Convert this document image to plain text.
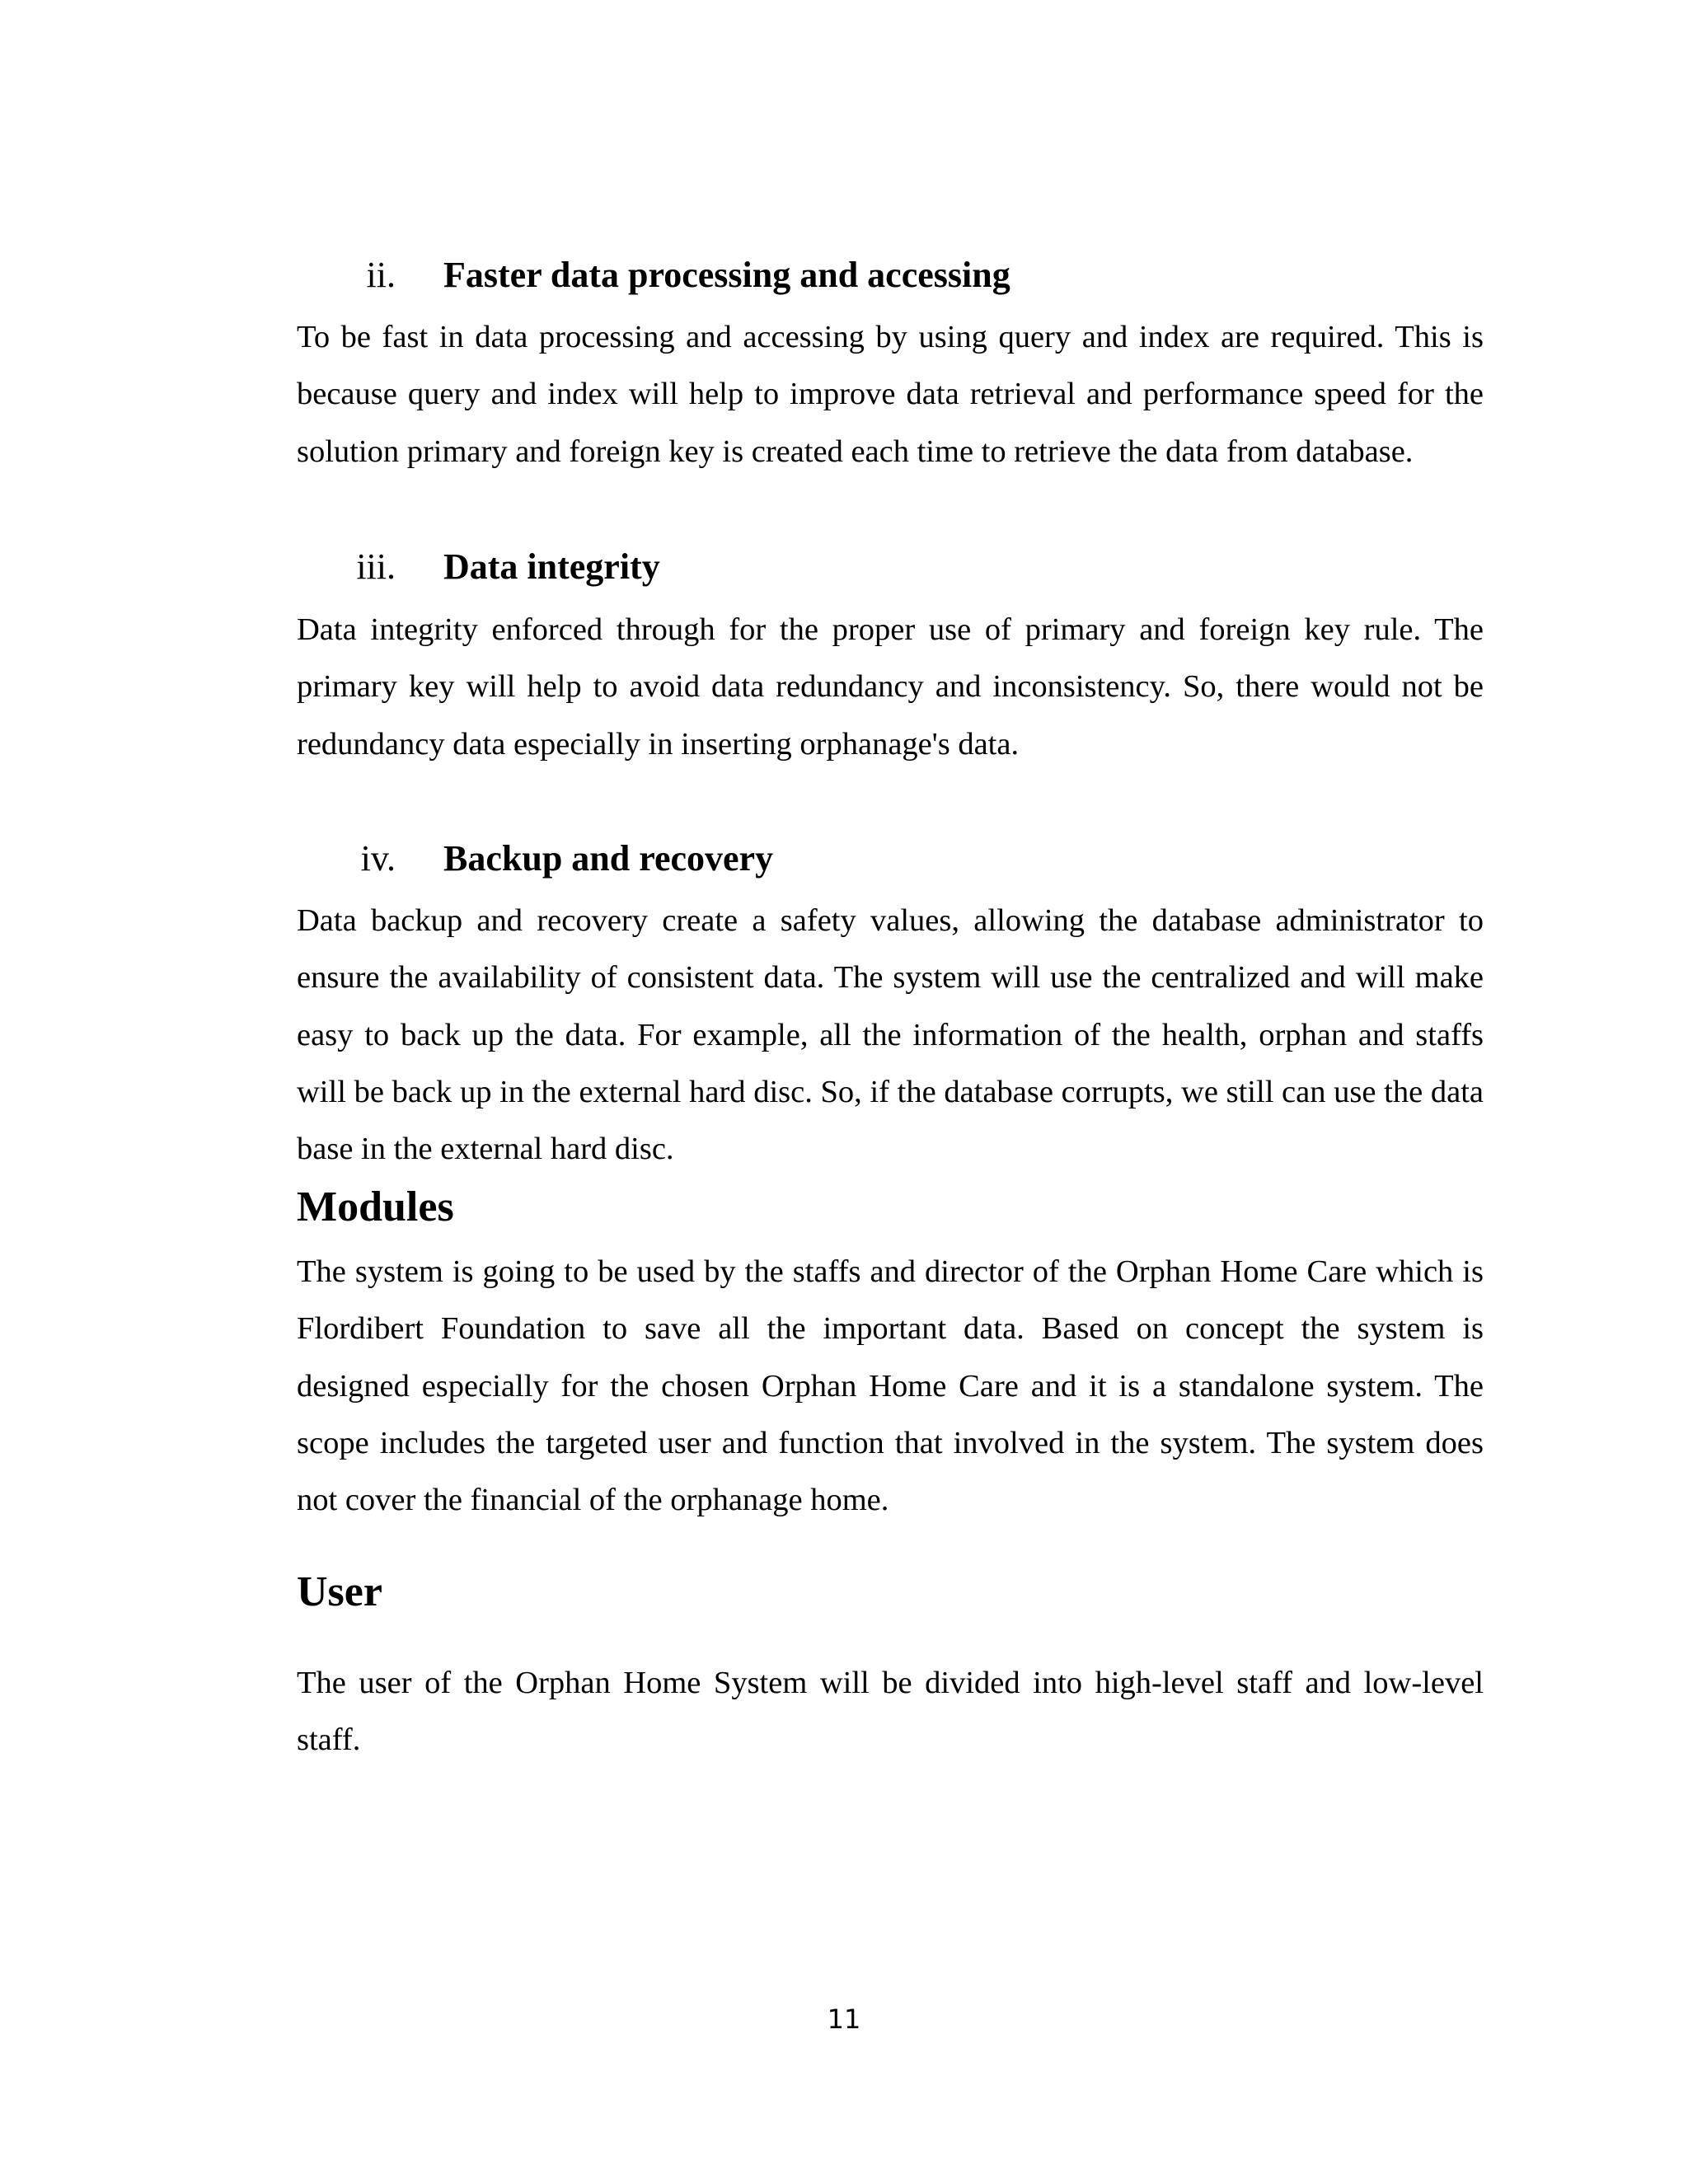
ii. Faster data processing and accessing

To be fast in data processing and accessing by using query and index are required. This is because query and index will help to improve data retrieval and performance speed for the solution primary and foreign key is created each time to retrieve the data from database.

iii. Data integrity

Data integrity enforced through for the proper use of primary and foreign key rule. The primary key will help to avoid data redundancy and inconsistency. So, there would not be redundancy data especially in inserting orphanage's data.

iv. Backup and recovery

Data backup and recovery create a safety values, allowing the database administrator to ensure the availability of consistent data. The system will use the centralized and will make easy to back up the data. For example, all the information of the health, orphan and staffs will be back up in the external hard disc. So, if the database corrupts, we still can use the data base in the external hard disc.

Modules

The system is going to be used by the staffs and director of the Orphan Home Care which is Flordibert Foundation to save all the important data. Based on concept the system is designed especially for the chosen Orphan Home Care and it is a standalone system. The scope includes the targeted user and function that involved in the system. The system does not cover the financial of the orphanage home.

User

The user of the Orphan Home System will be divided into high-level staff and low-level staff.

11
